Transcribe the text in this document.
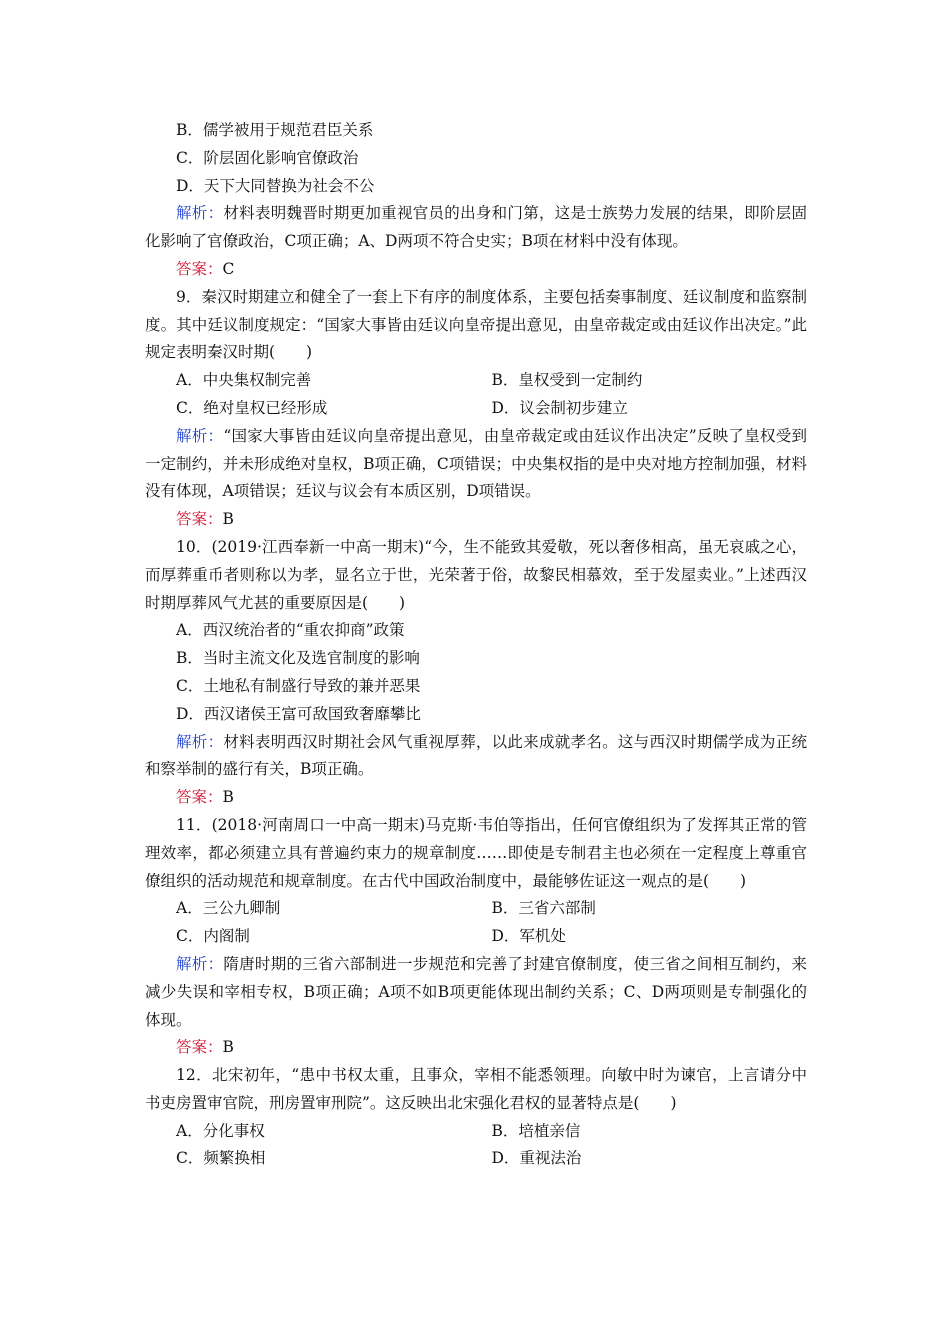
B．儒学被用于规范君臣关系
C．阶层固化影响官僚政治
D．天下大同替换为社会不公
解析：材料表明魏晋时期更加重视官员的出身和门第，这是士族势力发展的结果，即阶层固化影响了官僚政治，C项正确；A、D两项不符合史实；B项在材料中没有体现。
答案：C
9．秦汉时期建立和健全了一套上下有序的制度体系，主要包括奏事制度、廷议制度和监察制度。其中廷议制度规定：“国家大事皆由廷议向皇帝提出意见，由皇帝裁定或由廷议作出决定。”此规定表明秦汉时期(　　)
A．中央集权制完善	B．皇权受到一定制约
C．绝对皇权已经形成	D．议会制初步建立
解析：“国家大事皆由廷议向皇帝提出意见，由皇帝裁定或由廷议作出决定”反映了皇权受到一定制约，并未形成绝对皇权，B项正确，C项错误；中央集权指的是中央对地方控制加强，材料没有体现，A项错误；廷议与议会有本质区别，D项错误。
答案：B
10．(2019·江西奉新一中高一期末)“今，生不能致其爱敬，死以奢侈相高，虽无哀戚之心，而厚葬重币者则称以为孝，显名立于世，光荣著于俗，故黎民相慕效，至于发屋卖业。”上述西汉时期厚葬风气尤甚的重要原因是(　　)
A．西汉统治者的“重农抑商”政策
B．当时主流文化及选官制度的影响
C．土地私有制盛行导致的兼并恶果
D．西汉诸侯王富可敌国致奢靡攀比
解析：材料表明西汉时期社会风气重视厚葬，以此来成就孝名。这与西汉时期儒学成为正统和察举制的盛行有关，B项正确。
答案：B
11．(2018·河南周口一中高一期末)马克斯·韦伯等指出，任何官僚组织为了发挥其正常的管理效率，都必须建立具有普遍约束力的规章制度……即使是专制君主也必须在一定程度上尊重官僚组织的活动规范和规章制度。在古代中国政治制度中，最能够佐证这一观点的是(　　)
A．三公九卿制	B．三省六部制
C．内阁制	D．军机处
解析：隋唐时期的三省六部制进一步规范和完善了封建官僚制度，使三省之间相互制约，来减少失误和宰相专权，B项正确；A项不如B项更能体现出制约关系；C、D两项则是专制强化的体现。
答案：B
12．北宋初年，“患中书权太重，且事众，宰相不能悉领理。向敏中时为谏官，上言请分中书吏房置审官院，刑房置审刑院”。这反映出北宋强化君权的显著特点是(　　)
A．分化事权	B．培植亲信
C．频繁换相	D．重视法治
